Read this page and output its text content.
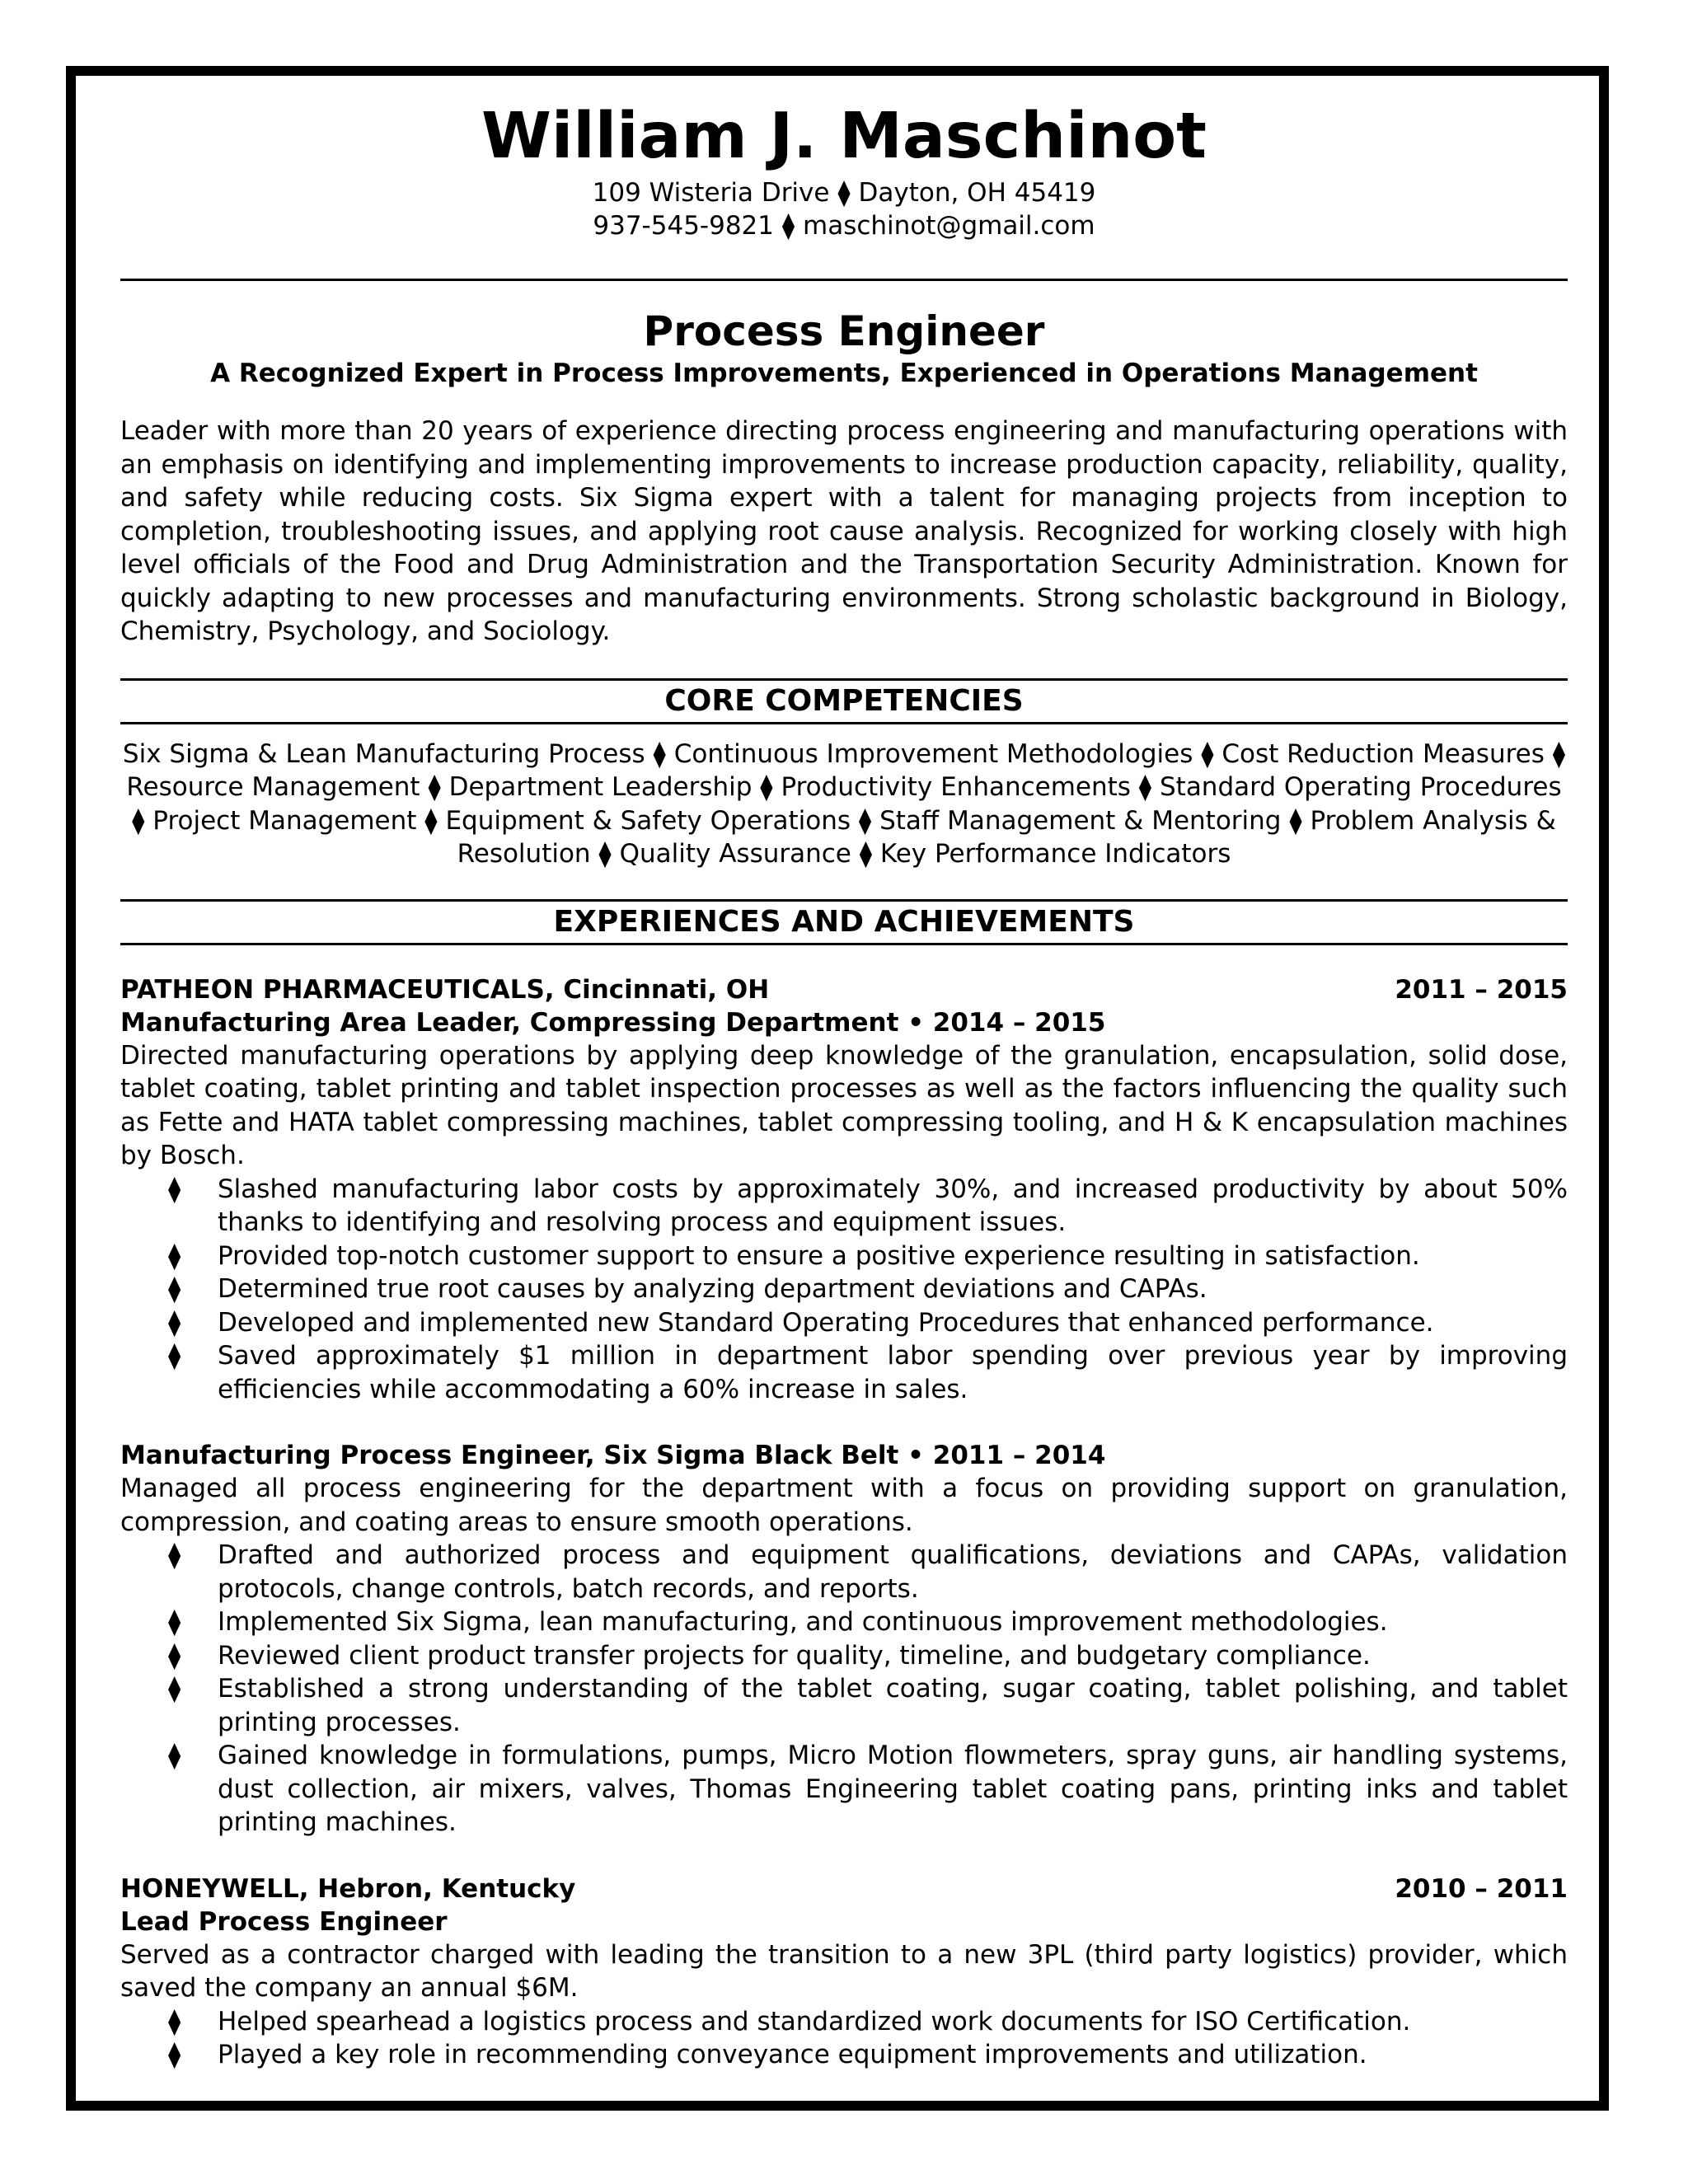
William J. Maschinot
109 Wisteria Drive ⧫ Dayton, OH 45419
937-545-9821 ⧫ maschinot@gmail.com
Process Engineer
A Recognized Expert in Process Improvements, Experienced in Operations Management
Leader with more than 20 years of experience directing process engineering and manufacturing operations with an emphasis on identifying and implementing improvements to increase production capacity, reliability, quality, and safety while reducing costs. Six Sigma expert with a talent for managing projects from inception to completion, troubleshooting issues, and applying root cause analysis. Recognized for working closely with high level officials of the Food and Drug Administration and the Transportation Security Administration. Known for quickly adapting to new processes and manufacturing environments. Strong scholastic background in Biology, Chemistry, Psychology, and Sociology.
CORE COMPETENCIES
Six Sigma & Lean Manufacturing Process ⧫ Continuous Improvement Methodologies ⧫ Cost Reduction Measures ⧫ Resource Management ⧫ Department Leadership ⧫ Productivity Enhancements ⧫ Standard Operating Procedures ⧫ Project Management ⧫ Equipment & Safety Operations ⧫ Staff Management & Mentoring ⧫ Problem Analysis & Resolution ⧫ Quality Assurance ⧫ Key Performance Indicators
EXPERIENCES AND ACHIEVEMENTS
PATHEON PHARMACEUTICALS, Cincinnati, OH	2011 – 2015
Manufacturing Area Leader, Compressing Department • 2014 – 2015
Directed manufacturing operations by applying deep knowledge of the granulation, encapsulation, solid dose, tablet coating, tablet printing and tablet inspection processes as well as the factors influencing the quality such as Fette and HATA tablet compressing machines, tablet compressing tooling, and H & K encapsulation machines by Bosch.
⧫ Slashed manufacturing labor costs by approximately 30%, and increased productivity by about 50% thanks to identifying and resolving process and equipment issues.
⧫ Provided top-notch customer support to ensure a positive experience resulting in satisfaction.
⧫ Determined true root causes by analyzing department deviations and CAPAs.
⧫ Developed and implemented new Standard Operating Procedures that enhanced performance.
⧫ Saved approximately $1 million in department labor spending over previous year by improving efficiencies while accommodating a 60% increase in sales.
Manufacturing Process Engineer, Six Sigma Black Belt • 2011 – 2014
Managed all process engineering for the department with a focus on providing support on granulation, compression, and coating areas to ensure smooth operations.
⧫ Drafted and authorized process and equipment qualifications, deviations and CAPAs, validation protocols, change controls, batch records, and reports.
⧫ Implemented Six Sigma, lean manufacturing, and continuous improvement methodologies.
⧫ Reviewed client product transfer projects for quality, timeline, and budgetary compliance.
⧫ Established a strong understanding of the tablet coating, sugar coating, tablet polishing, and tablet printing processes.
⧫ Gained knowledge in formulations, pumps, Micro Motion flowmeters, spray guns, air handling systems, dust collection, air mixers, valves, Thomas Engineering tablet coating pans, printing inks and tablet printing machines.
HONEYWELL, Hebron, Kentucky	2010 – 2011
Lead Process Engineer
Served as a contractor charged with leading the transition to a new 3PL (third party logistics) provider, which saved the company an annual $6M.
⧫ Helped spearhead a logistics process and standardized work documents for ISO Certification.
⧫ Played a key role in recommending conveyance equipment improvements and utilization.
